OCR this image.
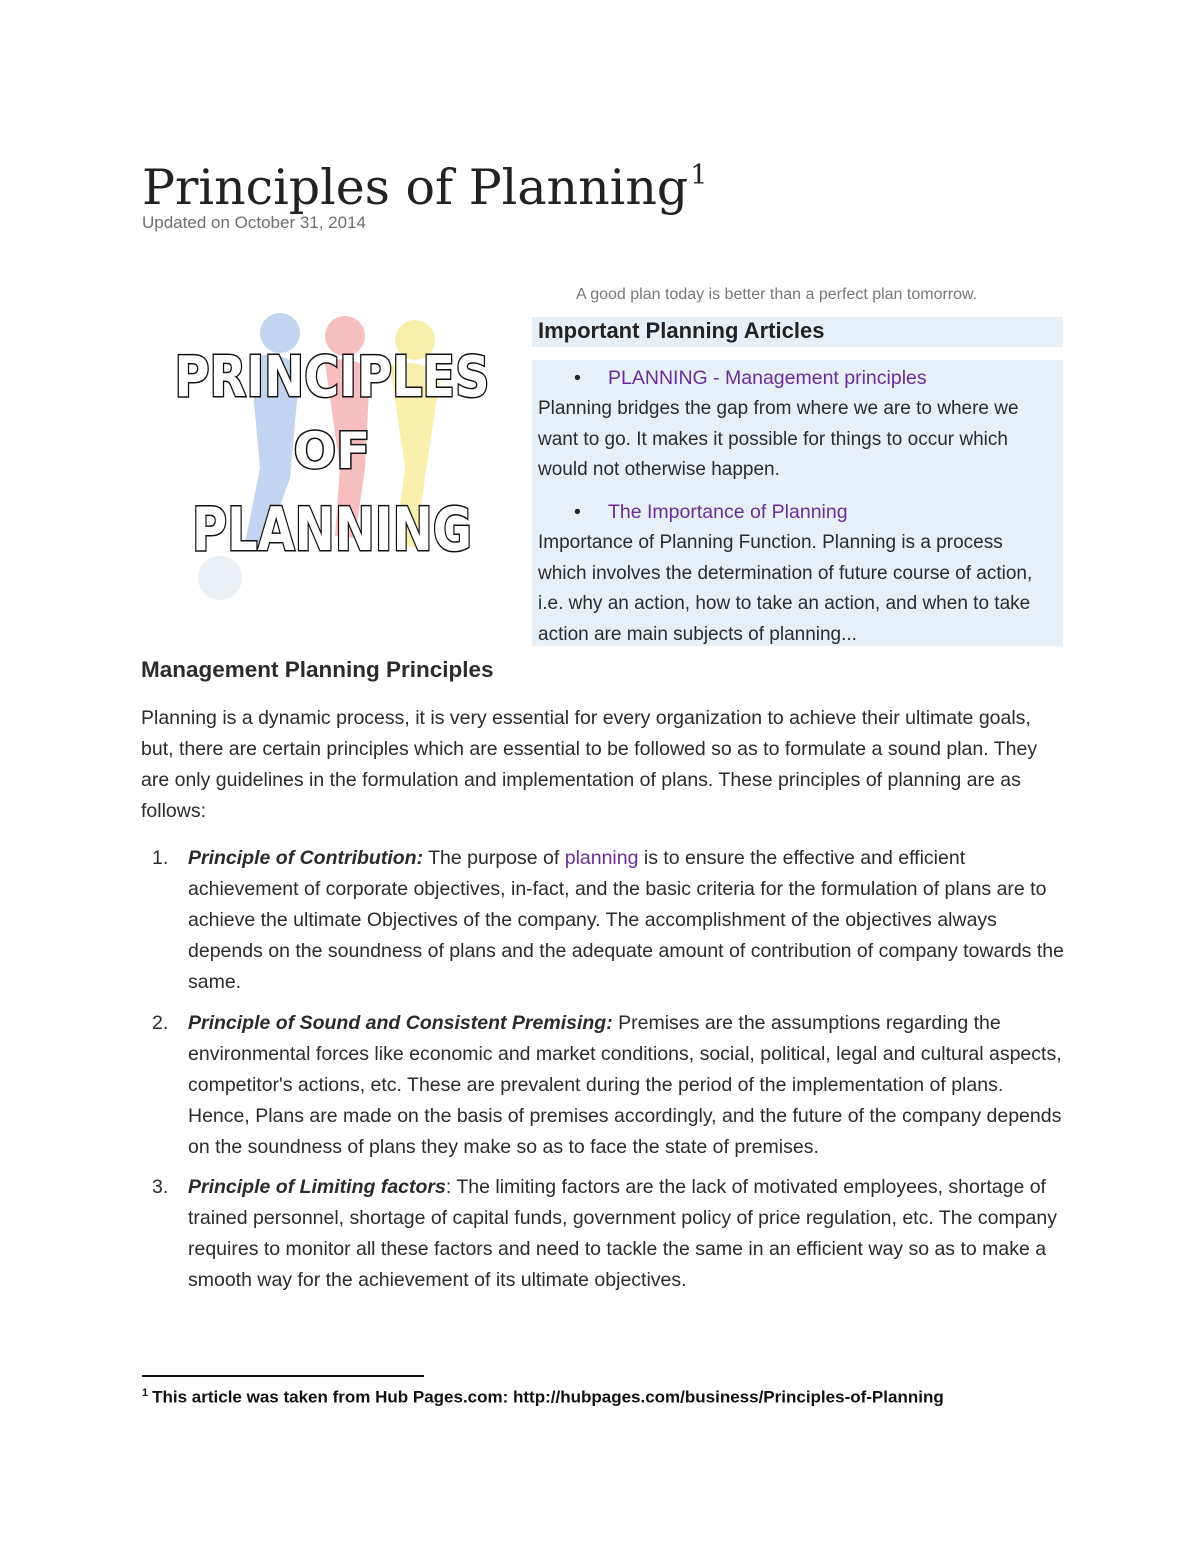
Principles of Planning$^1$
Updated on October 31, 2014
PRINCIPLES
OF
PLANNING
A good plan today is better than a perfect plan tomorrow.
Important Planning Articles
• PLANNING - Management principles
Planning bridges the gap from where we are to where we want to go. It makes it possible for things to occur which would not otherwise happen.
• The Importance of Planning
Importance of Planning Function. Planning is a process which involves the determination of future course of action, i.e. why an action, how to take an action, and when to take action are main subjects of planning...
Management Planning Principles
Planning is a dynamic process, it is very essential for every organization to achieve their ultimate goals, but, there are certain principles which are essential to be followed so as to formulate a sound plan. They are only guidelines in the formulation and implementation of plans. These principles of planning are as follows:
1. Principle of Contribution: The purpose of planning is to ensure the effective and efficient achievement of corporate objectives, in-fact, and the basic criteria for the formulation of plans are to achieve the ultimate Objectives of the company. The accomplishment of the objectives always depends on the soundness of plans and the adequate amount of contribution of company towards the same.
2. Principle of Sound and Consistent Premising: Premises are the assumptions regarding the environmental forces like economic and market conditions, social, political, legal and cultural aspects, competitor's actions, etc. These are prevalent during the period of the implementation of plans. Hence, Plans are made on the basis of premises accordingly, and the future of the company depends on the soundness of plans they make so as to face the state of premises.
3. Principle of Limiting factors: The limiting factors are the lack of motivated employees, shortage of trained personnel, shortage of capital funds, government policy of price regulation, etc. The company requires to monitor all these factors and need to tackle the same in an efficient way so as to make a smooth way for the achievement of its ultimate objectives.
$^1$ This article was taken from Hub Pages.com: http://hubpages.com/business/Principles-of-Planning
